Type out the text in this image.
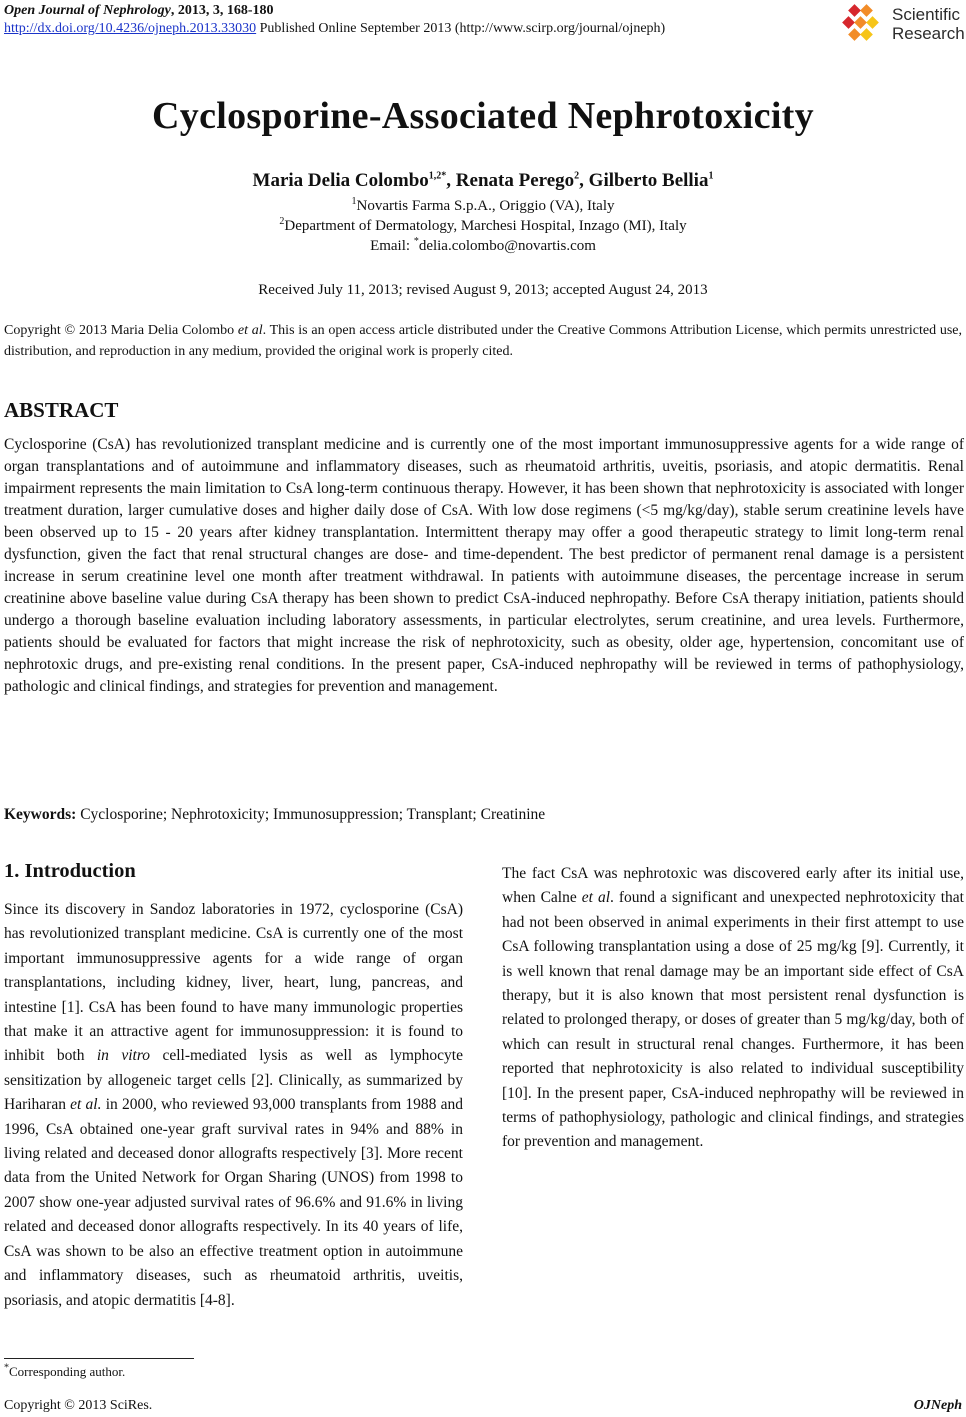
Open Journal of Nephrology, 2013, 3, 168-180
http://dx.doi.org/10.4236/ojneph.2013.33030 Published Online September 2013 (http://www.scirp.org/journal/ojneph)
Scientific
Research
Cyclosporine-Associated Nephrotoxicity
Maria Delia Colombo$^{1,2*}$, Renata Perego$^2$, Gilberto Bellia$^1$
$^1$Novartis Farma S.p.A., Origgio (VA), Italy
$^2$Department of Dermatology, Marchesi Hospital, Inzago (MI), Italy
Email: *delia.colombo@novartis.com
Received July 11, 2013; revised August 9, 2013; accepted August 24, 2013
Copyright © 2013 Maria Delia Colombo et al. This is an open access article distributed under the Creative Commons Attribution License, which permits unrestricted use, distribution, and reproduction in any medium, provided the original work is properly cited.
ABSTRACT
Cyclosporine (CsA) has revolutionized transplant medicine and is currently one of the most important immunosuppressive agents for a wide range of organ transplantations and of autoimmune and inflammatory diseases, such as rheumatoid arthritis, uveitis, psoriasis, and atopic dermatitis. Renal impairment represents the main limitation to CsA long-term continuous therapy. However, it has been shown that nephrotoxicity is associated with longer treatment duration, larger cumulative doses and higher daily dose of CsA. With low dose regimens (<5 mg/kg/day), stable serum creatinine levels have been observed up to 15 - 20 years after kidney transplantation. Intermittent therapy may offer a good therapeutic strategy to limit long-term renal dysfunction, given the fact that renal structural changes are dose- and time-dependent. The best predictor of permanent renal damage is a persistent increase in serum creatinine level one month after treatment withdrawal. In patients with autoimmune diseases, the percentage increase in serum creatinine above baseline value during CsA therapy has been shown to predict CsA-induced nephropathy. Before CsA therapy initiation, patients should undergo a thorough baseline evaluation including laboratory assessments, in particular electrolytes, serum creatinine, and urea levels. Furthermore, patients should be evaluated for factors that might increase the risk of nephrotoxicity, such as obesity, older age, hypertension, concomitant use of nephrotoxic drugs, and pre-existing renal conditions. In the present paper, CsA-induced nephropathy will be reviewed in terms of pathophysiology, pathologic and clinical findings, and strategies for prevention and management.
Keywords: Cyclosporine; Nephrotoxicity; Immunosuppression; Transplant; Creatinine
1. Introduction

Since its discovery in Sandoz laboratories in 1972, cyclosporine (CsA) has revolutionized transplant medicine. CsA is currently one of the most important immunosuppressive agents for a wide range of organ transplantations, including kidney, liver, heart, lung, pancreas, and intestine [1]. CsA has been found to have many immunologic properties that make it an attractive agent for immunosuppression: it is found to inhibit both in vitro cell-mediated lysis as well as lymphocyte sensitization by allogeneic target cells [2]. Clinically, as summarized by Hariharan et al. in 2000, who reviewed 93,000 transplants from 1988 and 1996, CsA obtained one-year graft survival rates in 94% and 88% in living related and deceased donor allografts respectively [3]. More recent data from the United Network for Organ Sharing (UNOS) from 1998 to 2007 show one-year adjusted survival rates of 96.6% and 91.6% in living related and deceased donor allografts respectively. In its 40 years of life, CsA was shown to be also an effective treatment option in autoimmune and inflammatory diseases, such as rheumatoid arthritis, uveitis, psoriasis, and atopic dermatitis [4-8].

The fact CsA was nephrotoxic was discovered early after its initial use, when Calne et al. found a significant and unexpected nephrotoxicity that had not been observed in animal experiments in their first attempt to use CsA following transplantation using a dose of 25 mg/kg [9]. Currently, it is well known that renal damage may be an important side effect of CsA therapy, but it is also known that most persistent renal dysfunction is related to prolonged therapy, or doses of greater than 5 mg/kg/day, both of which can result in structural renal changes. Furthermore, it has been reported that nephrotoxicity is also related to individual susceptibility [10]. In the present paper, CsA-induced nephropathy will be reviewed in terms of pathophysiology, pathologic and clinical findings, and strategies for prevention and management.

*Corresponding author.
Copyright © 2013 SciRes.	OJNeph
